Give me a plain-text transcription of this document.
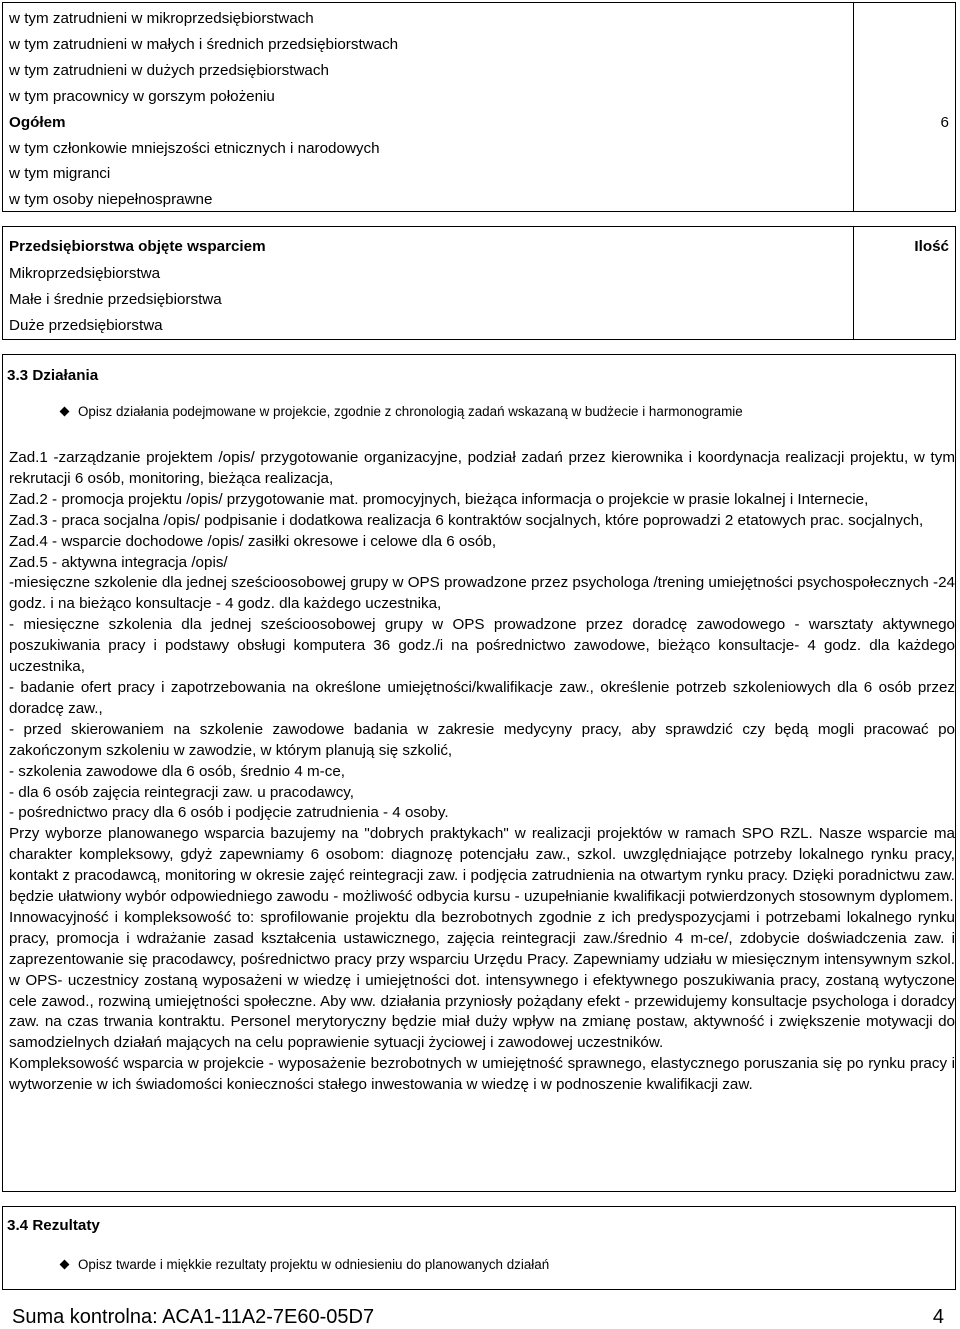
w tym zatrudnieni w mikroprzedsiębiorstwach
w tym zatrudnieni w małych i średnich przedsiębiorstwach
w tym zatrudnieni w dużych przedsiębiorstwach
w tym pracownicy w gorszym położeniu
Ogółem	6
w tym członkowie mniejszości etnicznych i narodowych
w tym migranci
w tym osoby niepełnosprawne
Przedsiębiorstwa objęte wsparciem	Ilość
Mikroprzedsiębiorstwa
Małe i średnie przedsiębiorstwa
Duże przedsiębiorstwa
3.3 Działania
Opisz działania podejmowane w projekcie, zgodnie z chronologią zadań wskazaną w budżecie i harmonogramie

Zad.1 -zarządzanie projektem /opis/ przygotowanie organizacyjne, podział zadań przez kierownika i koordynacja realizacji projektu, w tym rekrutacji 6 osób, monitoring, bieżąca realizacja,

Zad.2 - promocja projektu /opis/ przygotowanie mat. promocyjnych, bieżąca informacja o projekcie w prasie lokalnej i Internecie,

Zad.3 - praca socjalna /opis/ podpisanie i dodatkowa realizacja 6 kontraktów socjalnych, które poprowadzi 2 etatowych prac. socjalnych,

Zad.4 - wsparcie dochodowe /opis/ zasiłki okresowe i celowe dla 6 osób,

Zad.5 - aktywna integracja /opis/

-miesięczne szkolenie dla jednej sześcioosobowej grupy w OPS prowadzone przez psychologa /trening umiejętności psychospołecznych -24 godz. i na bieżąco konsultacje - 4 godz. dla każdego uczestnika,

- miesięczne szkolenia dla jednej sześcioosobowej grupy w OPS prowadzone przez doradcę zawodowego - warsztaty aktywnego poszukiwania pracy i podstawy obsługi komputera 36 godz./i na pośrednictwo zawodowe, bieżąco konsultacje- 4 godz. dla każdego uczestnika,

- badanie ofert pracy i zapotrzebowania na określone umiejętności/kwalifikacje zaw., określenie potrzeb szkoleniowych dla 6 osób przez doradcę zaw.,

- przed skierowaniem na szkolenie zawodowe badania w zakresie medycyny pracy, aby sprawdzić czy będą mogli pracować po zakończonym szkoleniu w zawodzie, w którym planują się szkolić,

- szkolenia zawodowe dla 6 osób, średnio 4 m-ce,

- dla 6 osób zajęcia reintegracji zaw. u pracodawcy,

- pośrednictwo pracy dla 6 osób i podjęcie zatrudnienia - 4 osoby.

Przy wyborze planowanego wsparcia bazujemy na "dobrych praktykach" w realizacji projektów w ramach SPO RZL. Nasze wsparcie ma charakter kompleksowy, gdyż zapewniamy 6 osobom: diagnozę potencjału zaw., szkol. uwzględniające potrzeby lokalnego rynku pracy, kontakt z pracodawcą, monitoring w okresie zajęć reintegracji zaw. i podjęcia zatrudnienia na otwartym rynku pracy. Dzięki poradnictwu zaw. będzie ułatwiony wybór odpowiedniego zawodu - możliwość odbycia kursu - uzupełnianie kwalifikacji potwierdzonych stosownym dyplomem.

Innowacyjność i kompleksowość to: sprofilowanie projektu dla bezrobotnych zgodnie z ich predyspozycjami i potrzebami lokalnego rynku pracy, promocja i wdrażanie zasad kształcenia ustawicznego, zajęcia reintegracji zaw./średnio 4 m-ce/, zdobycie doświadczenia zaw. i zaprezentowanie się pracodawcy, pośrednictwo pracy przy wsparciu Urzędu Pracy. Zapewniamy udziału w miesięcznym intensywnym szkol. w OPS- uczestnicy zostaną wyposażeni w wiedzę i umiejętności dot. intensywnego i efektywnego poszukiwania pracy, zostaną wytyczone cele zawod., rozwiną umiejętności społeczne. Aby ww. działania przyniosły pożądany efekt - przewidujemy konsultacje psychologa i doradcy zaw. na czas trwania kontraktu. Personel merytoryczny będzie miał duży wpływ na zmianę postaw, aktywność i zwiększenie motywacji do samodzielnych działań mających na celu poprawienie sytuacji życiowej i zawodowej uczestników.

Kompleksowość wsparcia w projekcie - wyposażenie bezrobotnych w umiejętność sprawnego, elastycznego poruszania się po rynku pracy i wytworzenie w ich świadomości konieczności stałego inwestowania w wiedzę i w podnoszenie kwalifikacji zaw.

3.4 Rezultaty
Opisz twarde i miękkie rezultaty projektu w odniesieniu do planowanych działań
Suma kontrolna: ACA1-11A2-7E60-05D7	4
